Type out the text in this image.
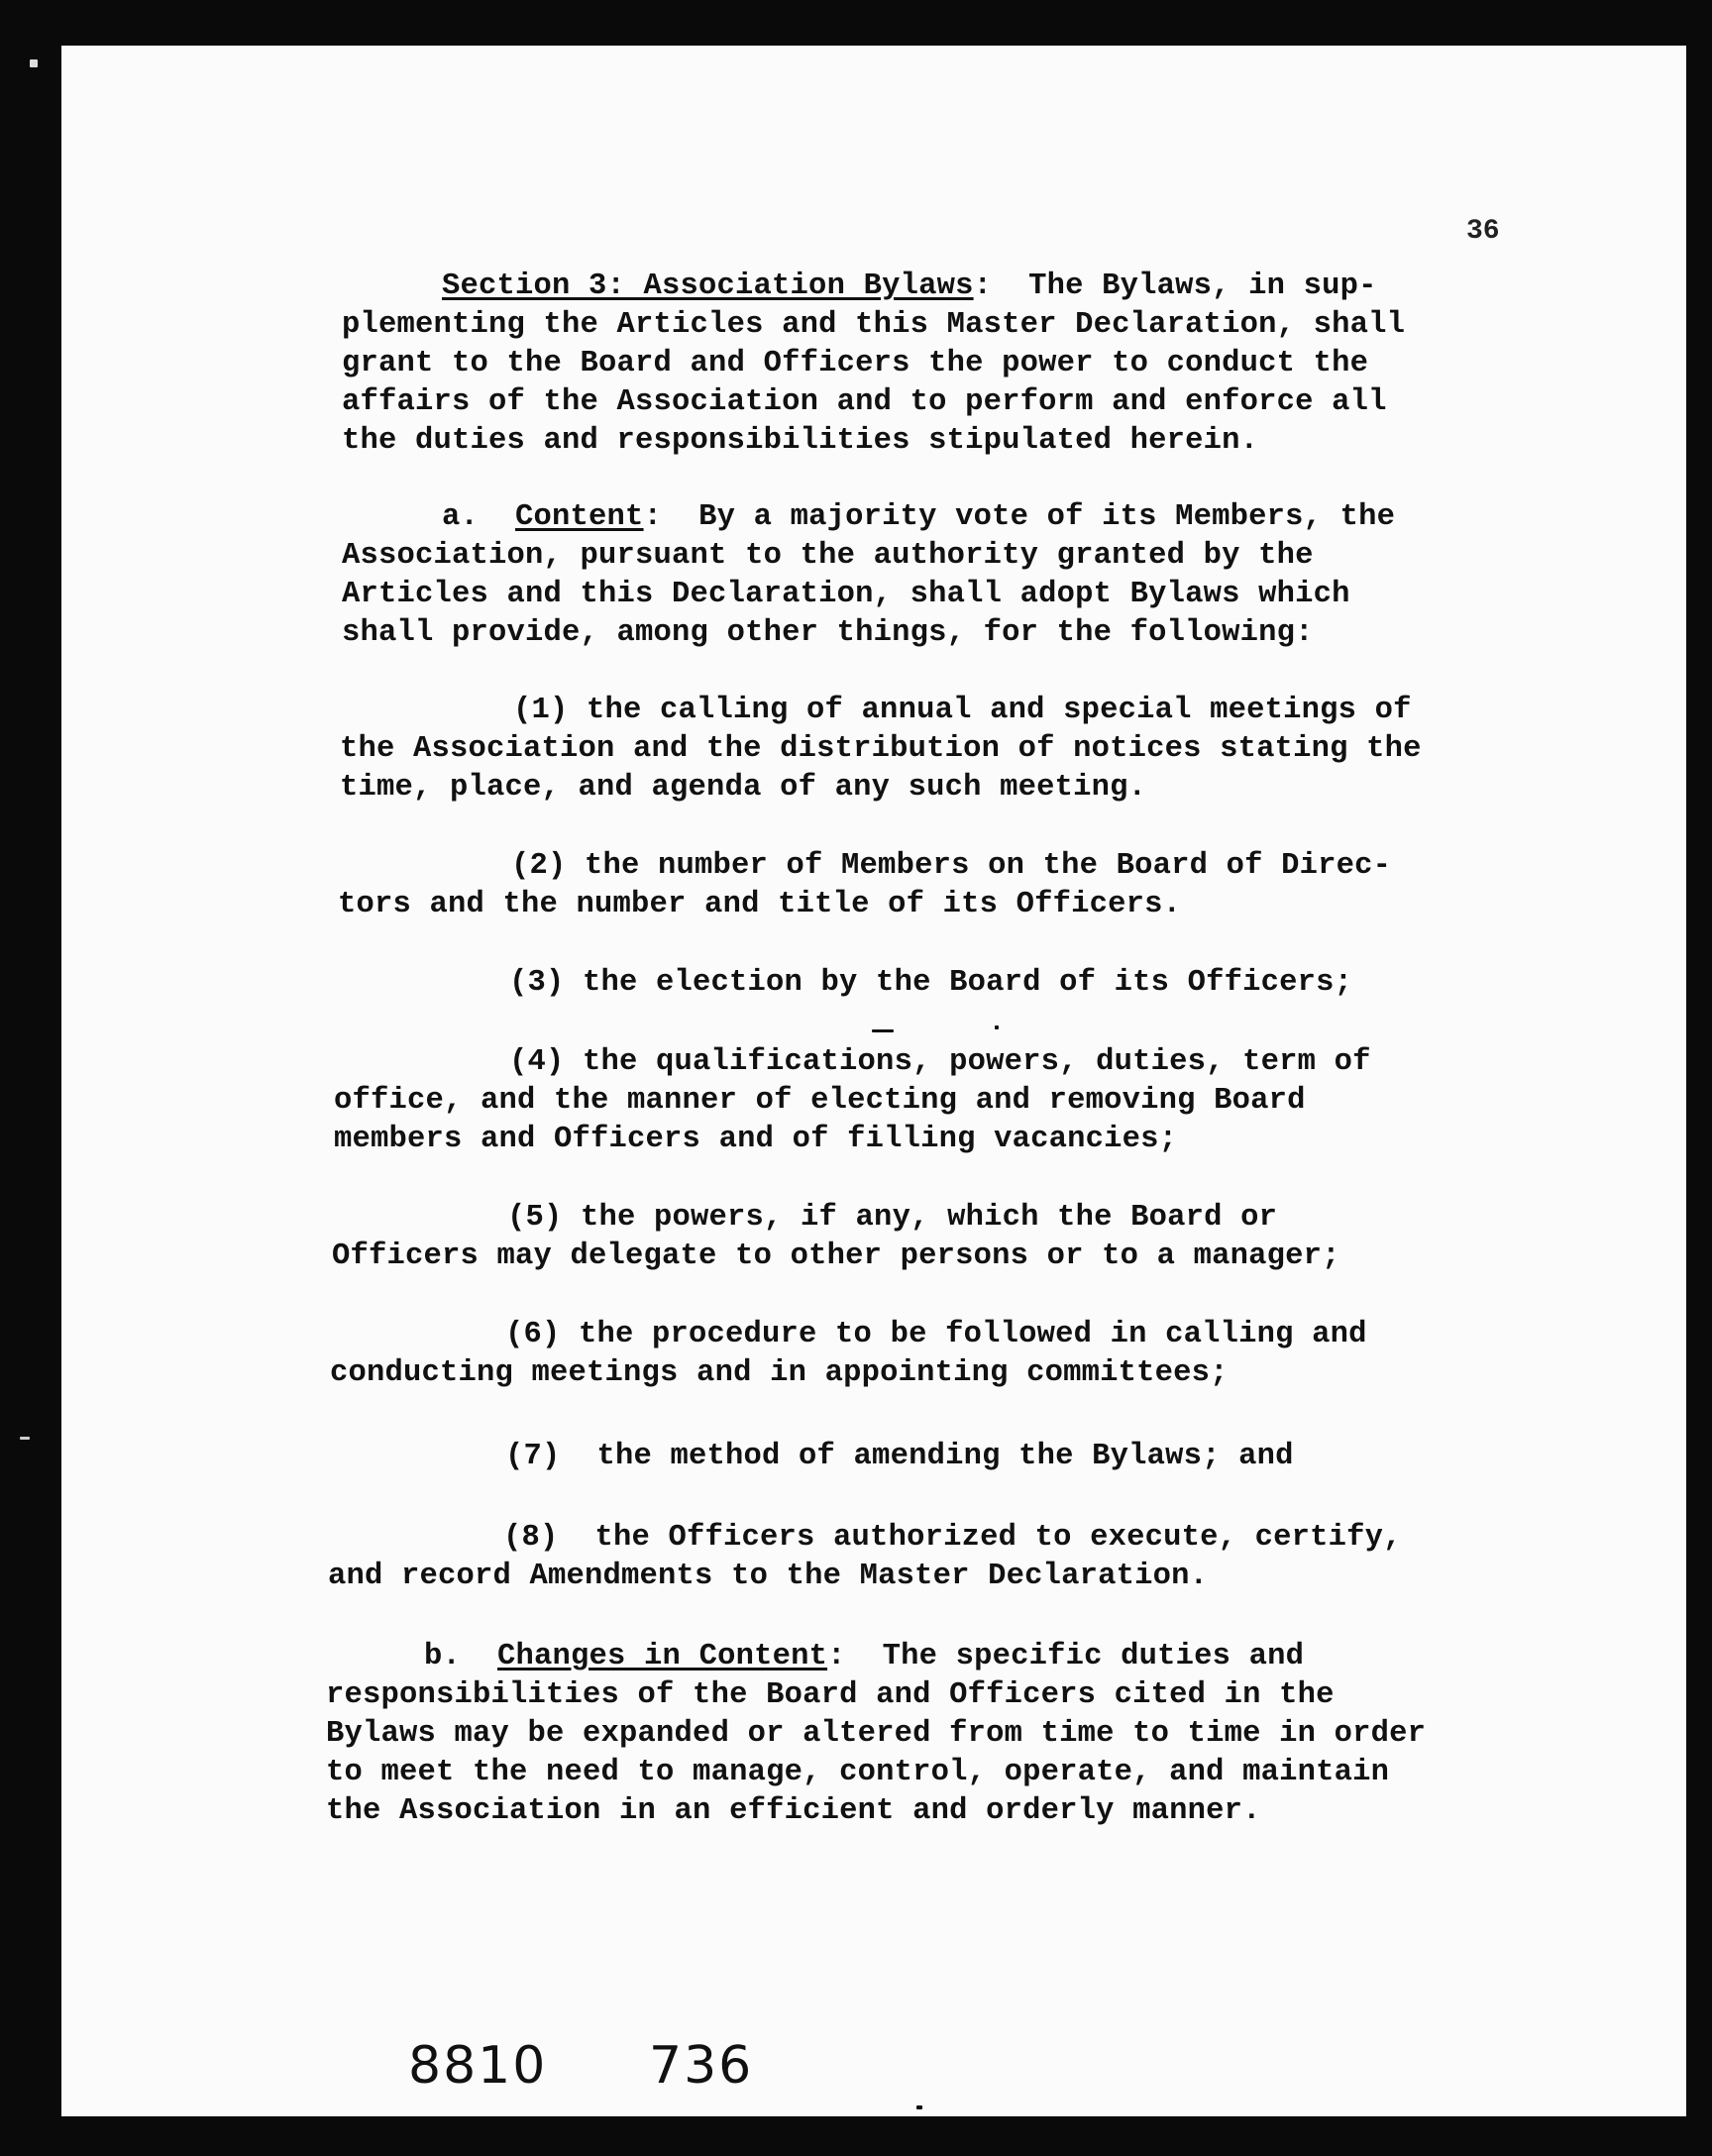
36
Section 3: Association Bylaws: The Bylaws, in sup-
plementing the Articles and this Master Declaration, shall
grant to the Board and Officers the power to conduct the
affairs of the Association and to perform and enforce all
the duties and responsibilities stipulated herein.
a. Content:  By a majority vote of its Members, the
Association, pursuant to the authority granted by the
Articles and this Declaration, shall adopt Bylaws which
shall provide, among other things, for the following:
(1) the calling of annual and special meetings of
the Association and the distribution of notices stating the
time, place, and agenda of any such meeting.
(2) the number of Members on the Board of Direc-
tors and the number and title of its Officers.
(3) the election by the Board of its Officers;
(4) the qualifications, powers, duties, term of
office, and the manner of electing and removing Board
members and Officers and of filling vacancies;
(5) the powers, if any, which the Board or
Officers may delegate to other persons or to a manager;
(6) the procedure to be followed in calling and
conducting meetings and in appointing committees;
(7)  the method of amending the Bylaws; and
(8)  the Officers authorized to execute, certify,
and record Amendments to the Master Declaration.
b. Changes in Content:  The specific duties and
responsibilities of the Board and Officers cited in the
Bylaws may be expanded or altered from time to time in order
to meet the need to manage, control, operate, and maintain
the Association in an efficient and orderly manner.
8810 736
